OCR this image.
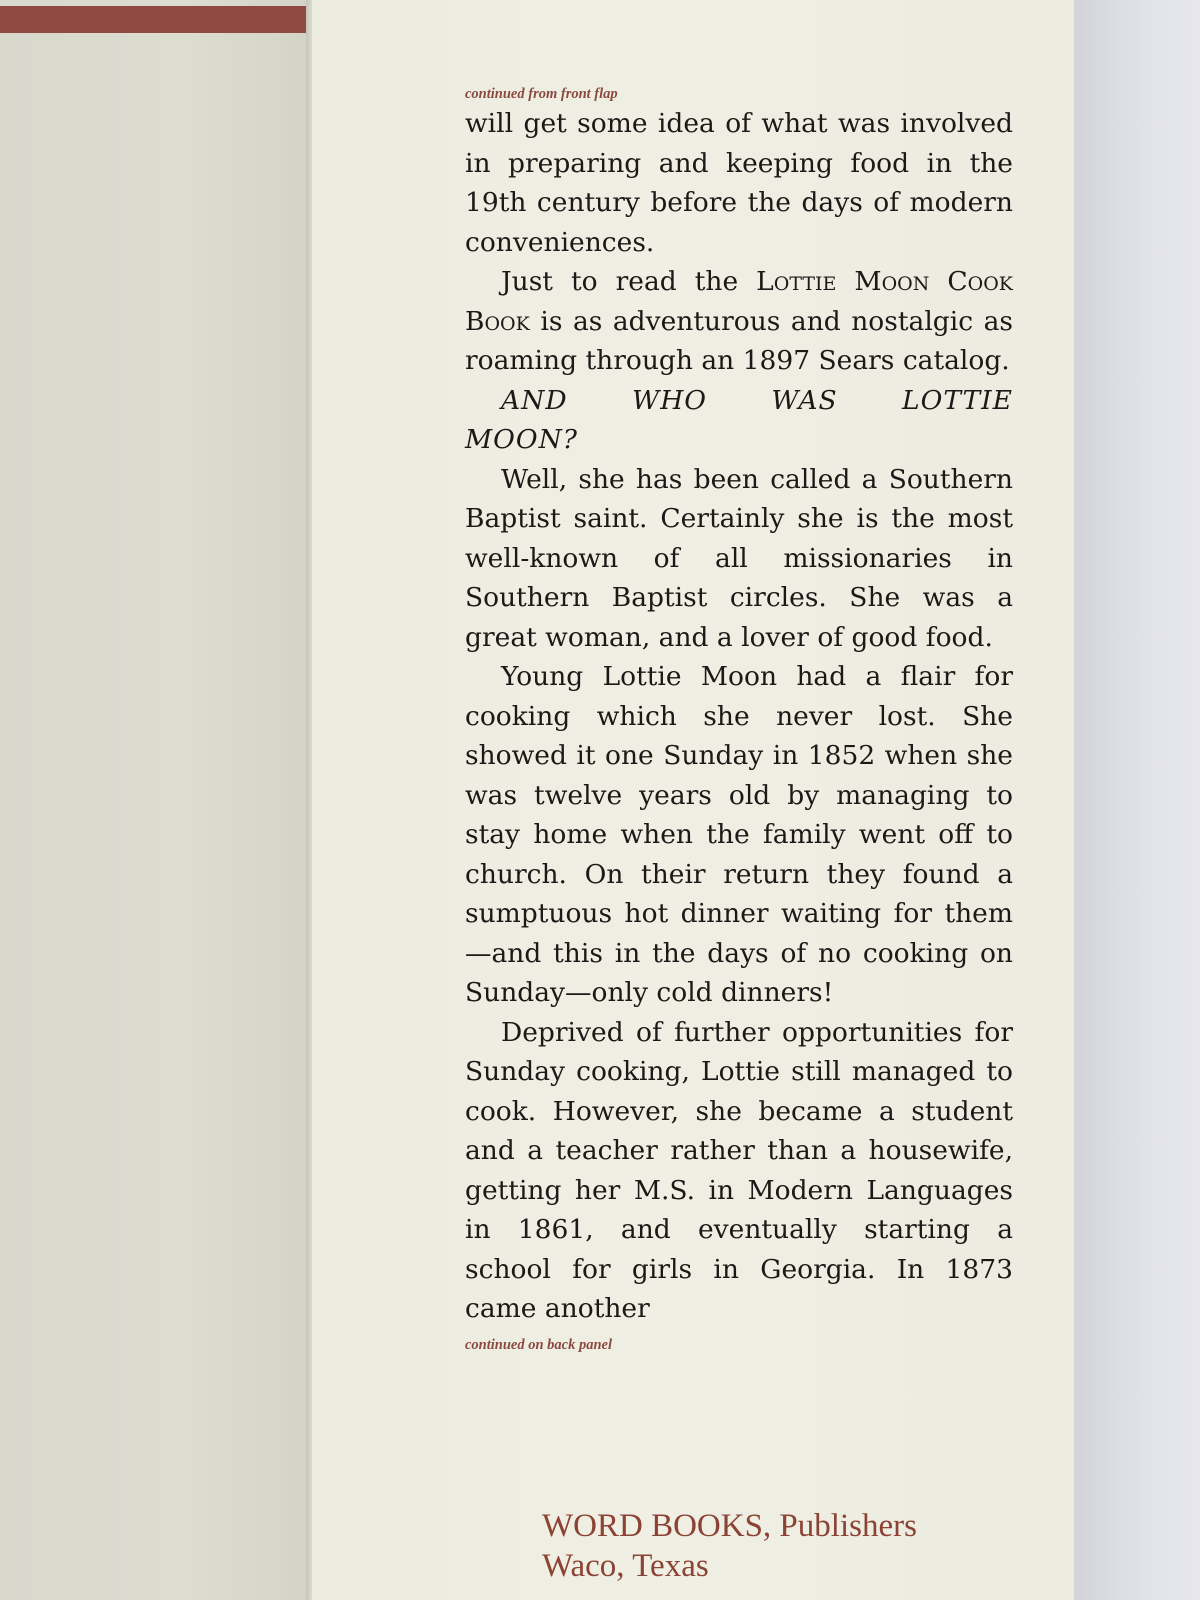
continued from front flap

will get some idea of what was involved in preparing and keeping food in the 19th century before the days of modern conveniences.

Just to read the Lottie Moon Cook Book is as adventurous and nostalgic as roaming through an 1897 Sears catalog.

AND WHO WAS LOTTIE MOON?

Well, she has been called a Southern Baptist saint. Certainly she is the most well-known of all missionaries in Southern Baptist circles. She was a great woman, and a lover of good food.

Young Lottie Moon had a flair for cooking which she never lost. She showed it one Sunday in 1852 when she was twelve years old by managing to stay home when the family went off to church. On their return they found a sumptuous hot dinner waiting for them—and this in the days of no cooking on Sunday—only cold dinners!

Deprived of further opportunities for Sunday cooking, Lottie still managed to cook. However, she became a student and a teacher rather than a housewife, getting her M.S. in Modern Languages in 1861, and eventually starting a school for girls in Georgia. In 1873 came another

continued on back panel
WORD BOOKS, Publishers
Waco, Texas
